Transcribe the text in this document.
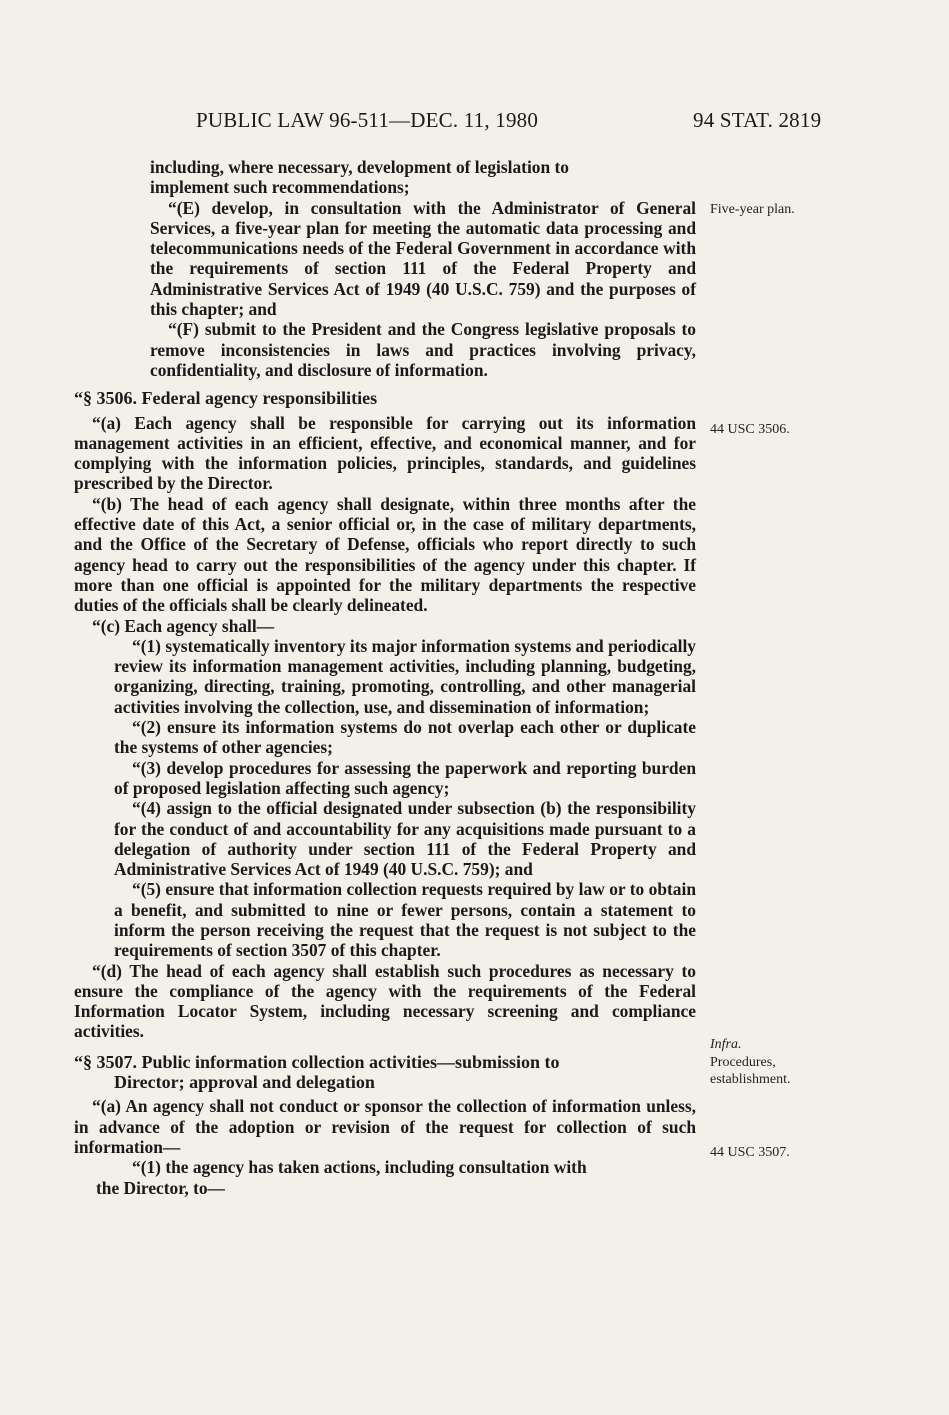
PUBLIC LAW 96-511—DEC. 11, 1980	94 STAT. 2819

including, where necessary, development of legislation to

implement such recommendations;

“(E) develop, in consultation with the Administrator of General Services, a five-year plan for meeting the automatic data processing and telecommunications needs of the Federal Government in accordance with the requirements of section 111 of the Federal Property and Administrative Services Act of 1949 (40 U.S.C. 759) and the purposes of this chapter; and

“(F) submit to the President and the Congress legislative proposals to remove inconsistencies in laws and practices involving privacy, confidentiality, and disclosure of information.

“§ 3506. Federal agency responsibilities

“(a) Each agency shall be responsible for carrying out its information management activities in an efficient, effective, and economical manner, and for complying with the information policies, principles, standards, and guidelines prescribed by the Director.

“(b) The head of each agency shall designate, within three months after the effective date of this Act, a senior official or, in the case of military departments, and the Office of the Secretary of Defense, officials who report directly to such agency head to carry out the responsibilities of the agency under this chapter. If more than one official is appointed for the military departments the respective duties of the officials shall be clearly delineated.

“(c) Each agency shall—

“(1) systematically inventory its major information systems and periodically review its information management activities, including planning, budgeting, organizing, directing, training, promoting, controlling, and other managerial activities involving the collection, use, and dissemination of information;

“(2) ensure its information systems do not overlap each other or duplicate the systems of other agencies;

“(3) develop procedures for assessing the paperwork and reporting burden of proposed legislation affecting such agency;

“(4) assign to the official designated under subsection (b) the responsibility for the conduct of and accountability for any acquisitions made pursuant to a delegation of authority under section 111 of the Federal Property and Administrative Services Act of 1949 (40 U.S.C. 759); and

“(5) ensure that information collection requests required by law or to obtain a benefit, and submitted to nine or fewer persons, contain a statement to inform the person receiving the request that the request is not subject to the requirements of section 3507 of this chapter.

“(d) The head of each agency shall establish such procedures as necessary to ensure the compliance of the agency with the requirements of the Federal Information Locator System, including necessary screening and compliance activities.

“§ 3507. Public information collection activities—submission to
Director; approval and delegation

“(a) An agency shall not conduct or sponsor the collection of information unless, in advance of the adoption or revision of the request for collection of such information—

“(1) the agency has taken actions, including consultation with
the Director, to—

Five-year plan.
44 USC 3506.
Infra.
Procedures,
establishment.
44 USC 3507.
